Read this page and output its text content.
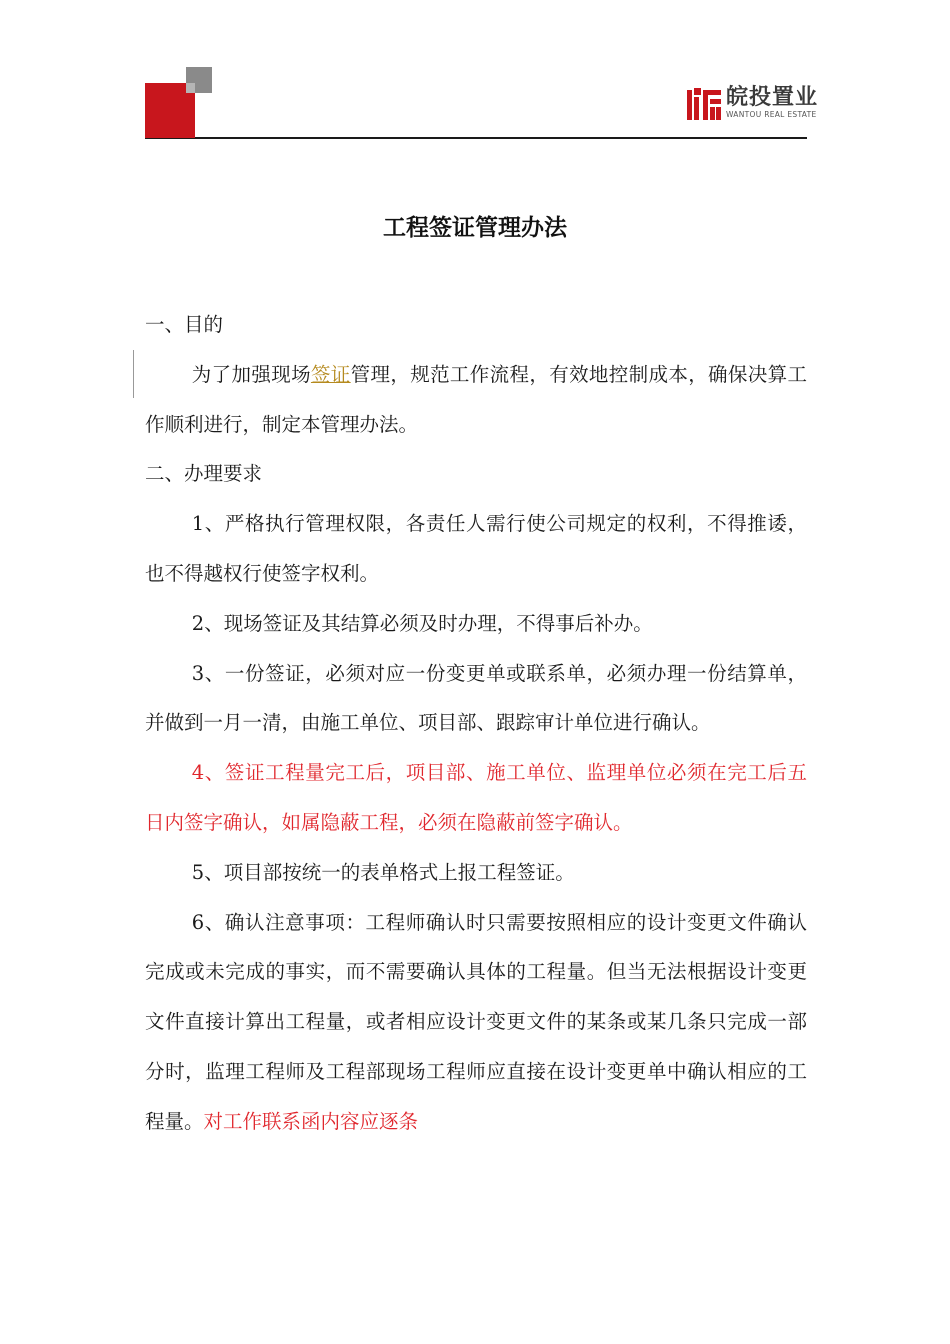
皖投置业
WANTOU REAL ESTATE
工程签证管理办法

一、目的

为了加强现场签证管理，规范工作流程，有效地控制成本，确保决算工作顺利进行，制定本管理办法。

二、办理要求

1、严格执行管理权限，各责任人需行使公司规定的权利，不得推诿，也不得越权行使签字权利。

2、现场签证及其结算必须及时办理，不得事后补办。

3、一份签证，必须对应一份变更单或联系单，必须办理一份结算单，并做到一月一清，由施工单位、项目部、跟踪审计单位进行确认。

4、签证工程量完工后，项目部、施工单位、监理单位必须在完工后五日内签字确认，如属隐蔽工程，必须在隐蔽前签字确认。

5、项目部按统一的表单格式上报工程签证。

6、确认注意事项：工程师确认时只需要按照相应的设计变更文件确认完成或未完成的事实，而不需要确认具体的工程量。但当无法根据设计变更文件直接计算出工程量，或者相应设计变更文件的某条或某几条只完成一部分时，监理工程师及工程部现场工程师应直接在设计变更单中确认相应的工程量。对工作联系函内容应逐条
